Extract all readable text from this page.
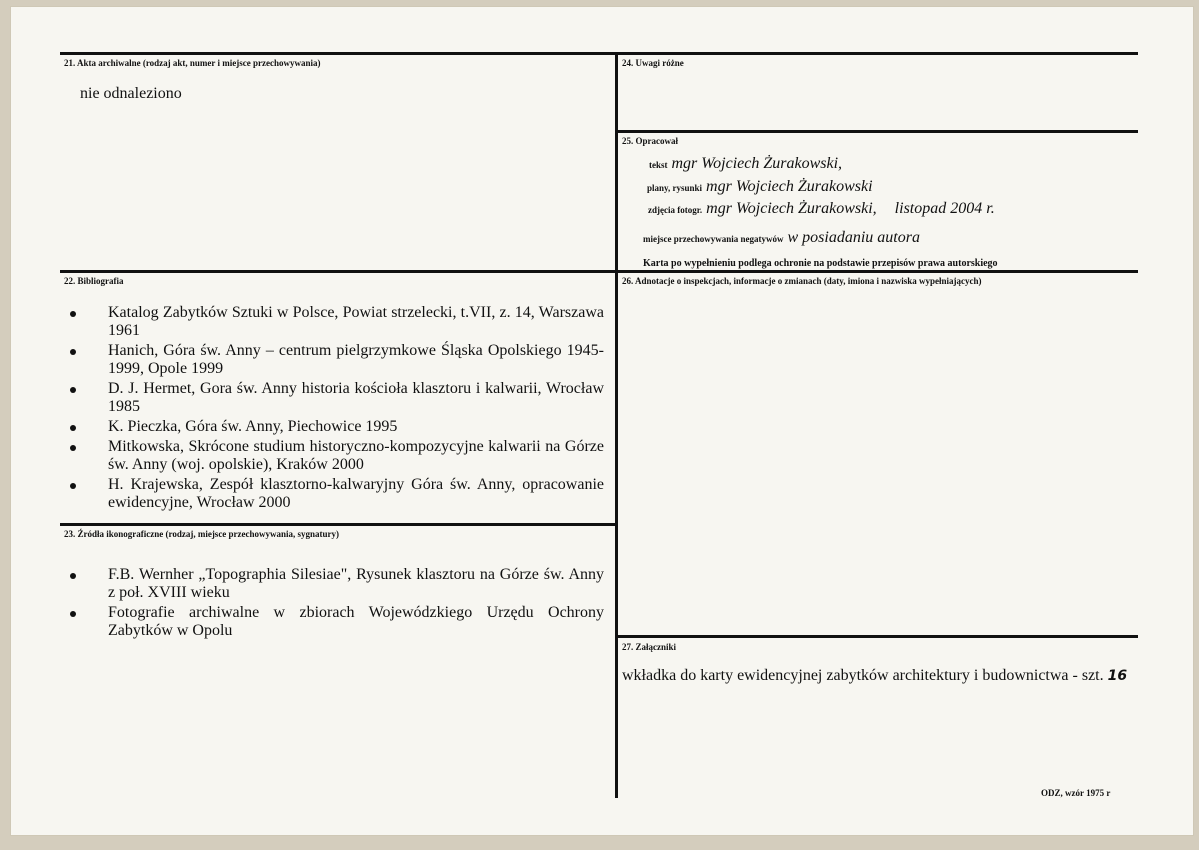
21. Akta archiwalne (rodzaj akt, numer i miejsce przechowywania)
nie odnaleziono
24. Uwagi różne
25. Opracował
tekst mgr Wojciech Żurakowski,
plany, rysunki mgr Wojciech Żurakowski
zdjęcia fotogr. mgr Wojciech Żurakowski, listopad 2004 r.
miejsce przechowywania negatywów w posiadaniu autora
Karta po wypełnieniu podlega ochronie na podstawie przepisów prawa autorskiego
22. Bibliografia
Katalog Zabytków Sztuki w Polsce, Powiat strzelecki, t.VII, z. 14, Warszawa 1961
Hanich, Góra św. Anny – centrum pielgrzymkowe Śląska Opolskiego 1945-1999, Opole 1999
D. J. Hermet, Gora św. Anny historia kościoła klasztoru i kalwarii, Wrocław 1985
K. Pieczka, Góra św. Anny, Piechowice 1995
Mitkowska, Skrócone studium historyczno-kompozycyjne kalwarii na Górze św. Anny (woj. opolskie), Kraków 2000
H. Krajewska, Zespół klasztorno-kalwaryjny Góra św. Anny, opracowanie ewidencyjne, Wrocław 2000
23. Źródła ikonograficzne (rodzaj, miejsce przechowywania, sygnatury)
F.B. Wernher „Topographia Silesiae", Rysunek klasztoru na Górze św. Anny z poł. XVIII wieku
Fotografie archiwalne w zbiorach Wojewódzkiego Urzędu Ochrony Zabytków w Opolu
26. Adnotacje o inspekcjach, informacje o zmianach (daty, imiona i nazwiska wypełniających)
27. Załączniki
wkładka do karty ewidencyjnej zabytków architektury i budownictwa - szt. 16
ODZ, wzór 1975 r
